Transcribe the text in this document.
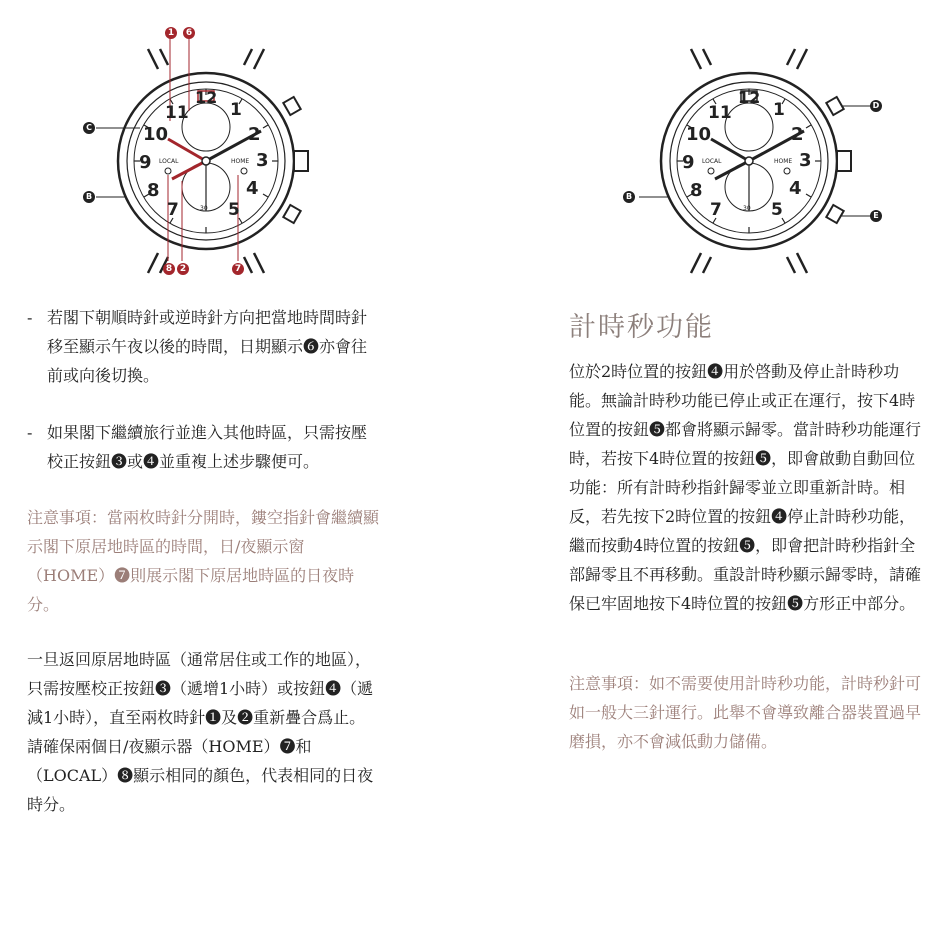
12
1
2
3
4
5
7
8
9
10
11
LOCAL	HOME
30
1	6
C
B
8 2	7
12
1
2
3
4
5
7
8
9
10
11
LOCAL	HOME
30
B
D
E
- 若閣下朝順時針或逆時針方向把當地時間時針移至顯示午夜以後的時間，日期顯示❻亦會往前或向後切換。
- 如果閣下繼續旅行並進入其他時區，只需按壓校正按鈕❸或❹並重複上述步驟便可。
注意事項：當兩枚時針分開時，鏤空指針會繼續顯示閣下原居地時區的時間，日/夜顯示窗（HOME）❼則展示閣下原居地時區的日夜時分。
一旦返回原居地時區（通常居住或工作的地區），只需按壓校正按鈕❸（遞增1小時）或按鈕❹（遞減1小時），直至兩枚時針❶及❷重新疊合爲止。請確保兩個日/夜顯示器（HOME）❼和（LOCAL）❽顯示相同的顏色，代表相同的日夜時分。
計時秒功能
位於2時位置的按鈕❹用於啓動及停止計時秒功能。無論計時秒功能已停止或正在運行，按下4時位置的按鈕❺都會將顯示歸零。當計時秒功能運行時，若按下4時位置的按鈕❺，即會啟動自動回位功能：所有計時秒指針歸零並立即重新計時。相反，若先按下2時位置的按鈕❹停止計時秒功能，繼而按動4時位置的按鈕❺，即會把計時秒指針全部歸零且不再移動。重設計時秒顯示歸零時，請確保已牢固地按下4時位置的按鈕❺方形正中部分。
注意事項：如不需要使用計時秒功能，計時秒針可如一般大三針運行。此舉不會導致離合器裝置過早磨損，亦不會減低動力儲備。
